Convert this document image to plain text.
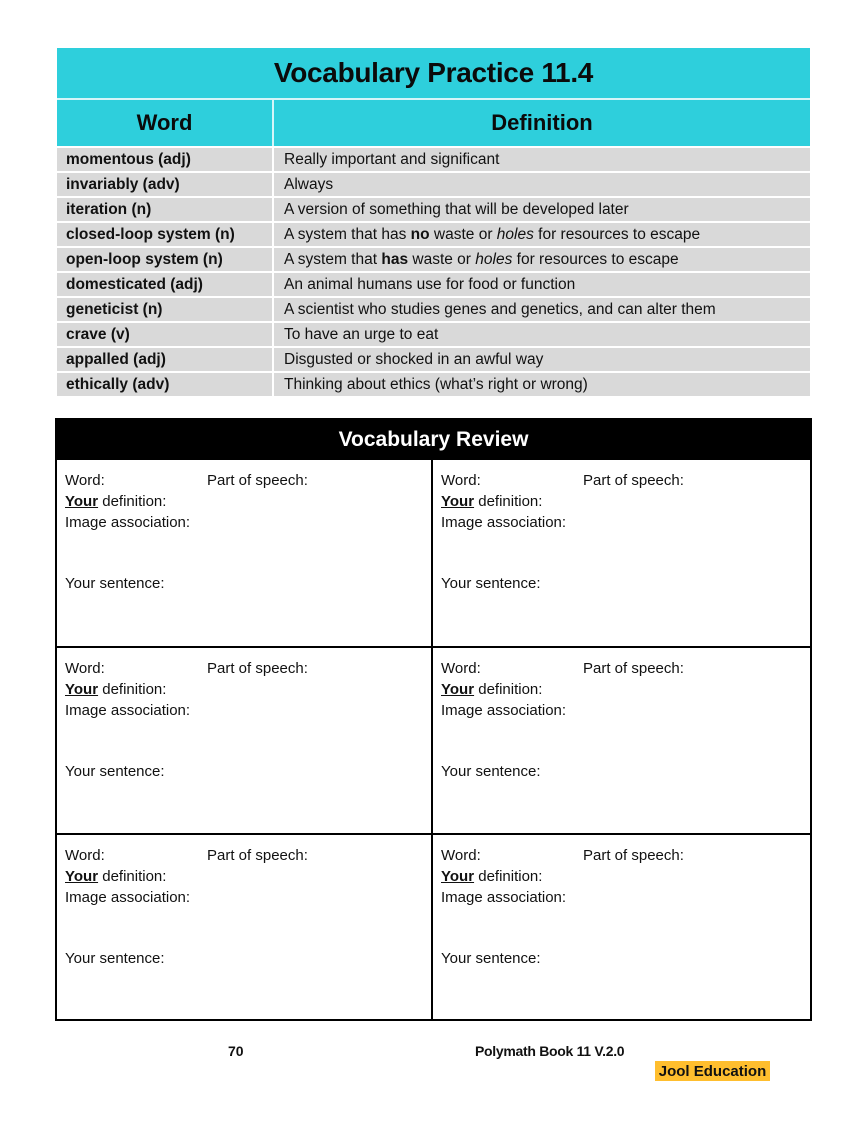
Vocabulary Practice 11.4
Word	Definition
momentous (adj)	Really important and significant
invariably (adv)	Always
iteration (n)	A version of something that will be developed later
closed-loop system (n)	A system that has no waste or holes for resources to escape
open-loop system (n)	A system that has waste or holes for resources to escape
domesticated (adj)	An animal humans use for food or function
geneticist (n)	A scientist who studies genes and genetics, and can alter them
crave (v)	To have an urge to eat
appalled (adj)	Disgusted or shocked in an awful way
ethically (adv)	Thinking about ethics (what’s right or wrong)
Vocabulary Review
Word:	Part of speech:
Your definition:
Image association:
Your sentence:
Word:	Part of speech:
Your definition:
Image association:
Your sentence:
Word:	Part of speech:
Your definition:
Image association:
Your sentence:
Word:	Part of speech:
Your definition:
Image association:
Your sentence:
Word:	Part of speech:
Your definition:
Image association:
Your sentence:
Word:	Part of speech:
Your definition:
Image association:
Your sentence:
70	Polymath Book 11 V.2.0
Jool Education
